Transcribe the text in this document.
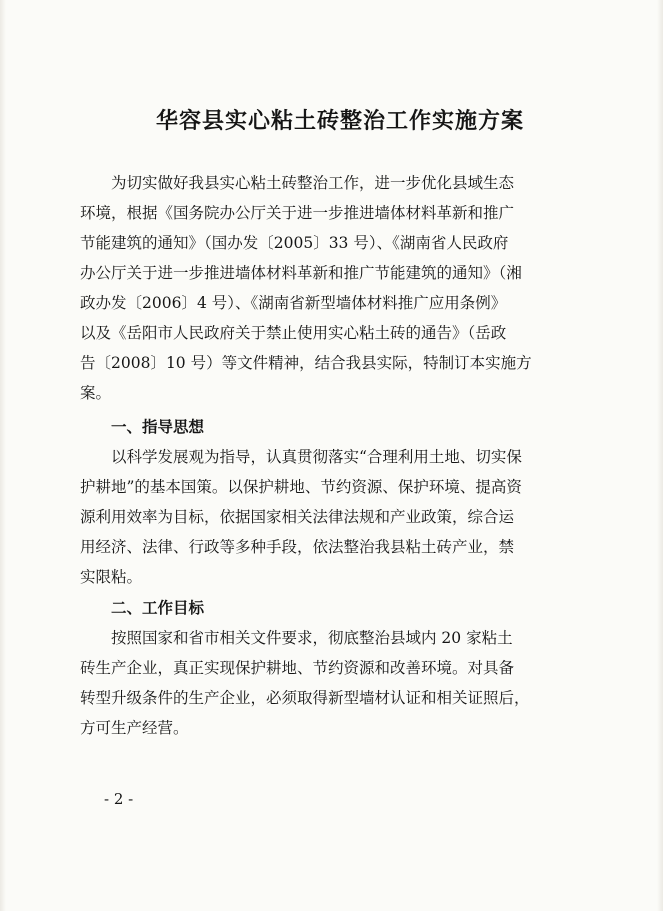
华容县实心粘土砖整治工作实施方案
为切实做好我县实心粘土砖整治工作，进一步优化县域生态
环境，根据《国务院办公厅关于进一步推进墙体材料革新和推广
节能建筑的通知》（国办发〔2005〕33 号）、《湖南省人民政府
办公厅关于进一步推进墙体材料革新和推广节能建筑的通知》（湘
政办发〔2006〕4 号）、《湖南省新型墙体材料推广应用条例》
以及《岳阳市人民政府关于禁止使用实心粘土砖的通告》（岳政
告〔2008〕10 号）等文件精神，结合我县实际，特制订本实施方
案。
一、指导思想
以科学发展观为指导，认真贯彻落实“合理利用土地、切实保
护耕地”的基本国策。以保护耕地、节约资源、保护环境、提高资
源利用效率为目标，依据国家相关法律法规和产业政策，综合运
用经济、法律、行政等多种手段，依法整治我县粘土砖产业，禁
实限粘。
二、工作目标
按照国家和省市相关文件要求，彻底整治县域内 20 家粘土
砖生产企业，真正实现保护耕地、节约资源和改善环境。对具备
转型升级条件的生产企业，必须取得新型墙材认证和相关证照后，
方可生产经营。
- 2 -
